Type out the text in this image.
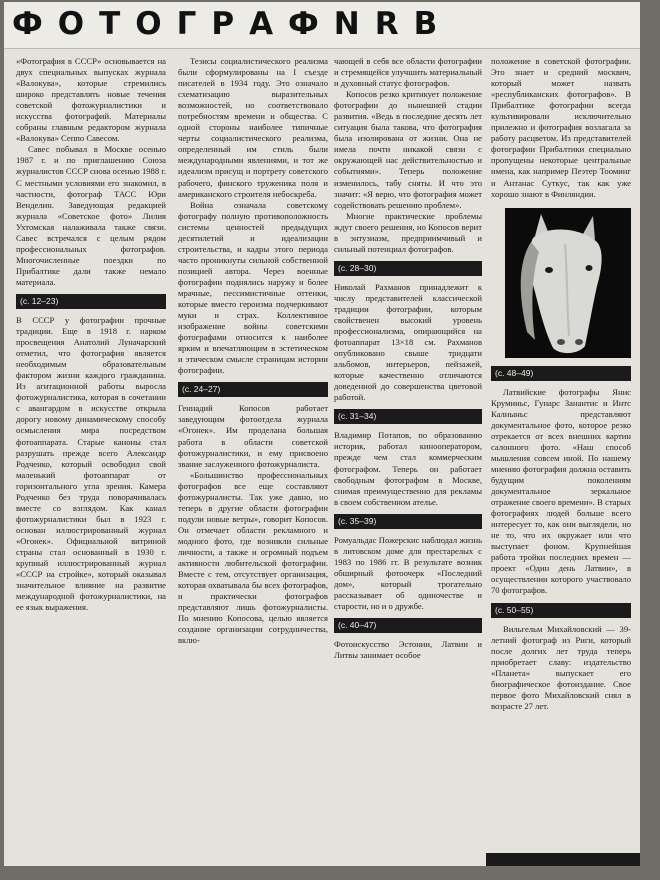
ФОТОГРАФNRB

«Фотография в СССР» основывается на двух специальных выпусках журнала «Валокува», которые стремились широко представлять новые течения советской фотожурналистики и искусства фотографий. Материалы собраны главным редактором журнала «Валокува» Сеппо Савесом.

Савес побывал в Москве осенью 1987 г. и по приглашению Союза журналистов СССР снова осенью 1988 г. С местными условиями его знакомил, в частности, фотограф ТАСС Юри Венделин. Заведующая редакцией журнала «Советское фото» Лилия Ухтомская налаживала также связи. Савес встречался с целым рядом профессиональных фотографов. Многочисленные поездки по Прибалтике дали также немало материала.

(с. 12–23)

В СССР у фотографии прочные традиции. Еще в 1918 г. нарком просвещения Анатолий Луначарский отметил, что фотография является необходимым образовательным фактором жизни каждого гражданина. Из агитационной работы выросла фотожурналистика, которая в сочетании с авангардом в искусстве открыла дорогу новому динамическому способу осмысления мира посредством фотоаппарата. Старые каноны стал разрушать прежде всего Александр Родченко, который освободил свой маленький фотоаппарат от горизонтального угла зрения. Камера Родченко без труда поворачивалась вместе со взглядом. Как канал фотожурналистики был в 1923 г. основан иллюстрированный журнал «Огонек». Официальной витриной страны стал основанный в 1930 г. крупный иллюстрированный журнал «СССР на стройке», который оказывал значительное влияние на развитие международной фотожурналистики, на ее язык выражения.

Тезисы социалистического реализма были сформулированы на I съезде писателей в 1934 году. Это означало схематизацию выразительных возможностей, но соответствовало потребностям времени и общества. С одной стороны наиболее типичные черты социалистического реализма, определенный им стиль были международными явлениями, и тот же идеализм присущ и портрету советского рабочего, финского труженика поля и американского строителя небоскреба.

Война означала советскому фотографу полную противоположность системы ценностей предыдущих десятилетий и идеализации строительства, и кадры этого периода часто проникнуты сильной собственной позицией автора. Через военные фотографии поднялись наружу и более мрачные, пессимистичные оттенки, которые вместо героизма подчеркивают муки и страх. Коллективное изображение войны советскими фотографами относится к наиболее ярким и впечатляющим в эстетическом и этическом смысле страницам истории фотографии.

(с. 24–27)

Геннадий Копосов работает заведующим фотоотдела журнала «Огонек». Им проделана большая работа в области советской фотожурналистики, и ему присвоено звание заслуженного фотожурналиста.

«Большинство профессиональных фотографов все еще составляют фотожурналисты. Так уже давно, но теперь в другие области фотографии подули новые ветры», говорит Копосов. Он отмечает области рекламного и модного фото, где возникли сильные личности, а также и огромный подъем активности любительской фотографии. Вместе с тем, отсутствует организация, которая охватывала бы всех фотографов, и практически фотографов представляют лишь фотожурналисты. По мнению Копосова, целью является создание организации сотрудничества, вклю-

чающей в себя все области фотографии и стремящейся улучшить материальный и духовный статус фотографов.

Копосов резко критикует положение фотографии до нынешней стадии развития. «Ведь в последние десять лет ситуация была такова, что фотография была изолирована от жизни. Она не имела почти никакой связи с окружающей нас действительностью и событиями». Теперь положение изменилось, табу сняты. И что это значит: «Я верю, что фотография может содействовать решению проблем».

Многие практические проблемы ждут своего решения, но Копосов верит в энтузиазм, предприимчивый и сильный потенциал фотографов.

(с. 28–30)

Николай Рахманов принадлежит к числу представителей классической традиции фотографии, которым свойственен высокий уровень профессионализма, опирающийся на фотоаппарат 13×18 см. Рахманов опубликовано свыше тридцати альбомов, интерьеров, пейзажей, которые качественно отличаются доведенной до совершенства цветовой работой.

(с. 31–34)

Владимир Потапов, по образованию историк, работал кинооператором, прежде чем стал коммерческим фотографом. Теперь он работает свободным фотографом в Москве, снимая преимущественно для рекламы в своем собственном ателье.

(с. 35–39)

Ромуальдас Пожерскис наблюдал жизнь в литовском доме для престарелых с 1983 по 1986 гг. В результате возник обширный фотоочерк «Последний дом», который трогательно рассказывает об одиночестве и старости, но и о дружбе.

(с. 40–47)

Фотоискусство Эстонии, Латвии и Литвы занимает особое

положение в советской фотографии. Это знает и средний москвич, который может назвать «республиканских фотографов». В Прибалтике фотографии всегда культивировали исключительно прилежно и фотография возлагала за работу расцветом. Из представителей фотографии Прибалтики специально пропущены некоторые центральные имена, как например Пеэтер Тооминг и Антанас Суткус, так как уже хорошо знают в Финляндии.

(с. 48–49)

Латвийские фотографы Янис Круминьс, Гунарс Занантис и Интс Калныньс представляют документальное фото, которое резко отрекается от всех внешних картин салонного фото. «Наш способ мышления совсем иной. По нашему мнению фотография должна оставить будущим поколениям документальное зеркальное отражение своего времени». В старых фотографиях людей больше всего интересует то, как они выглядели, но не то, что их окружает или что выступает фоном. Крупнейшая работа тройки последних времен — проект «Один день Латвии», в осуществлении которого участвовало 70 фотографов.

(с. 50–55)

Вильгельм Михайловский — 39-летний фотограф из Риги, который после долгих лет труда теперь приобретает славу: издательство «Планета» выпускает его биографическое фотоиздание. Свое первое фото Михайловский снял в возрасте 27 лет.
